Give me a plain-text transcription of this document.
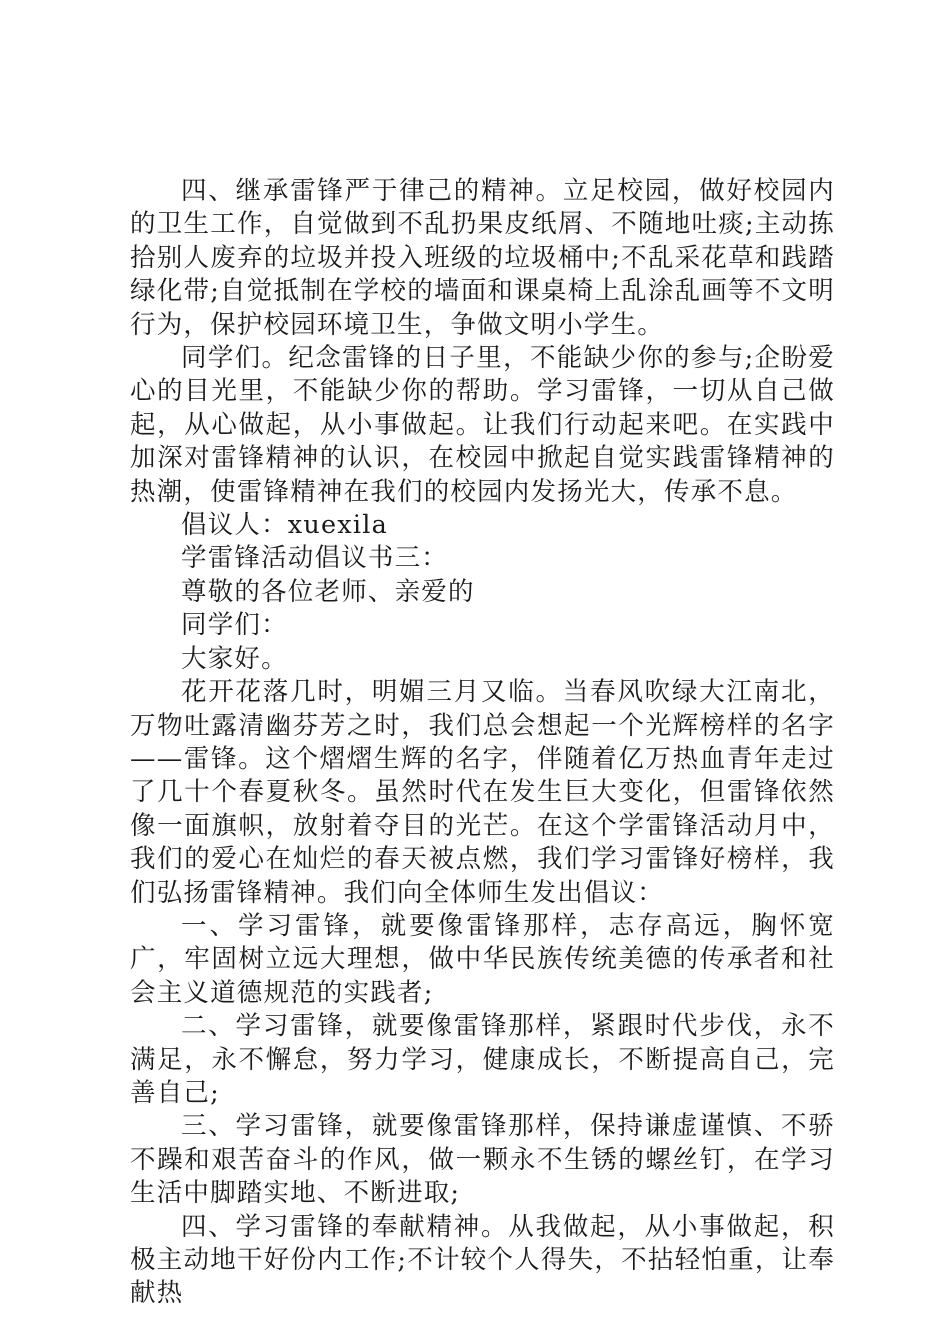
四、继承雷锋严于律己的精神。立足校园，做好校园内的卫生工作，自觉做到不乱扔果皮纸屑、不随地吐痰;主动拣拾别人废弃的垃圾并投入班级的垃圾桶中;不乱采花草和践踏绿化带;自觉抵制在学校的墙面和课桌椅上乱涂乱画等不文明行为，保护校园环境卫生，争做文明小学生。

同学们。纪念雷锋的日子里，不能缺少你的参与;企盼爱心的目光里，不能缺少你的帮助。学习雷锋，一切从自己做起，从心做起，从小事做起。让我们行动起来吧。在实践中加深对雷锋精神的认识，在校园中掀起自觉实践雷锋精神的热潮，使雷锋精神在我们的校园内发扬光大，传承不息。

倡议人：xuexila

学雷锋活动倡议书三：

尊敬的各位老师、亲爱的

同学们：

大家好。

花开花落几时，明媚三月又临。当春风吹绿大江南北，万物吐露清幽芬芳之时，我们总会想起一个光辉榜样的名字——雷锋。这个熠熠生辉的名字，伴随着亿万热血青年走过了几十个春夏秋冬。虽然时代在发生巨大变化，但雷锋依然像一面旗帜，放射着夺目的光芒。在这个学雷锋活动月中，我们的爱心在灿烂的春天被点燃，我们学习雷锋好榜样，我们弘扬雷锋精神。我们向全体师生发出倡议：

一、学习雷锋，就要像雷锋那样，志存高远，胸怀宽广，牢固树立远大理想，做中华民族传统美德的传承者和社会主义道德规范的实践者;

二、学习雷锋，就要像雷锋那样，紧跟时代步伐，永不满足，永不懈怠，努力学习，健康成长，不断提高自己，完善自己;

三、学习雷锋，就要像雷锋那样，保持谦虚谨慎、不骄不躁和艰苦奋斗的作风，做一颗永不生锈的螺丝钉，在学习生活中脚踏实地、不断进取;

四、学习雷锋的奉献精神。从我做起，从小事做起，积极主动地干好份内工作;不计较个人得失，不拈轻怕重，让奉献热
